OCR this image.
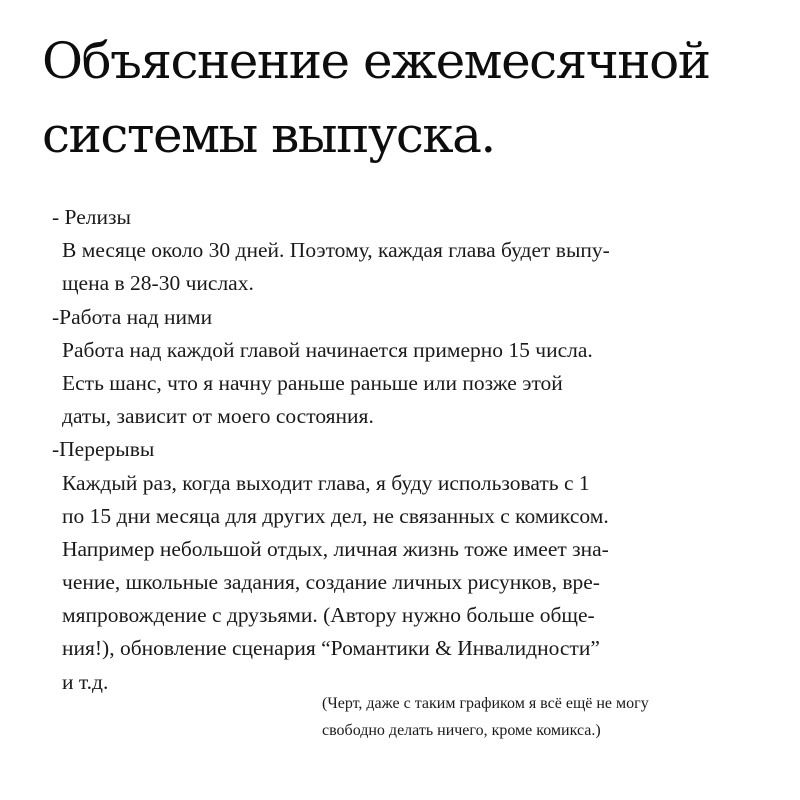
Объяснение ежемесячной
системы выпуска.
- Релизы
В месяце около 30 дней. Поэтому, каждая глава будет выпу-
щена в 28-30 числах.
-Работа над ними
Работа над каждой главой начинается примерно 15 числа.
Есть шанс, что я начну раньше раньше или позже этой
даты, зависит от моего состояния.
-Перерывы
Каждый раз, когда выходит глава, я буду использовать с 1
по 15 дни месяца для других дел, не связанных с комиксом.
Например небольшой отдых, личная жизнь тоже имеет зна-
чение, школьные задания, создание личных рисунков, вре-
мяпровождение с друзьями. (Автору нужно больше обще-
ния!), обновление сценария “Романтики & Инвалидности”
и т.д.
(Черт, даже с таким графиком я всё ещё не могу
свободно делать ничего, кроме комикса.)
